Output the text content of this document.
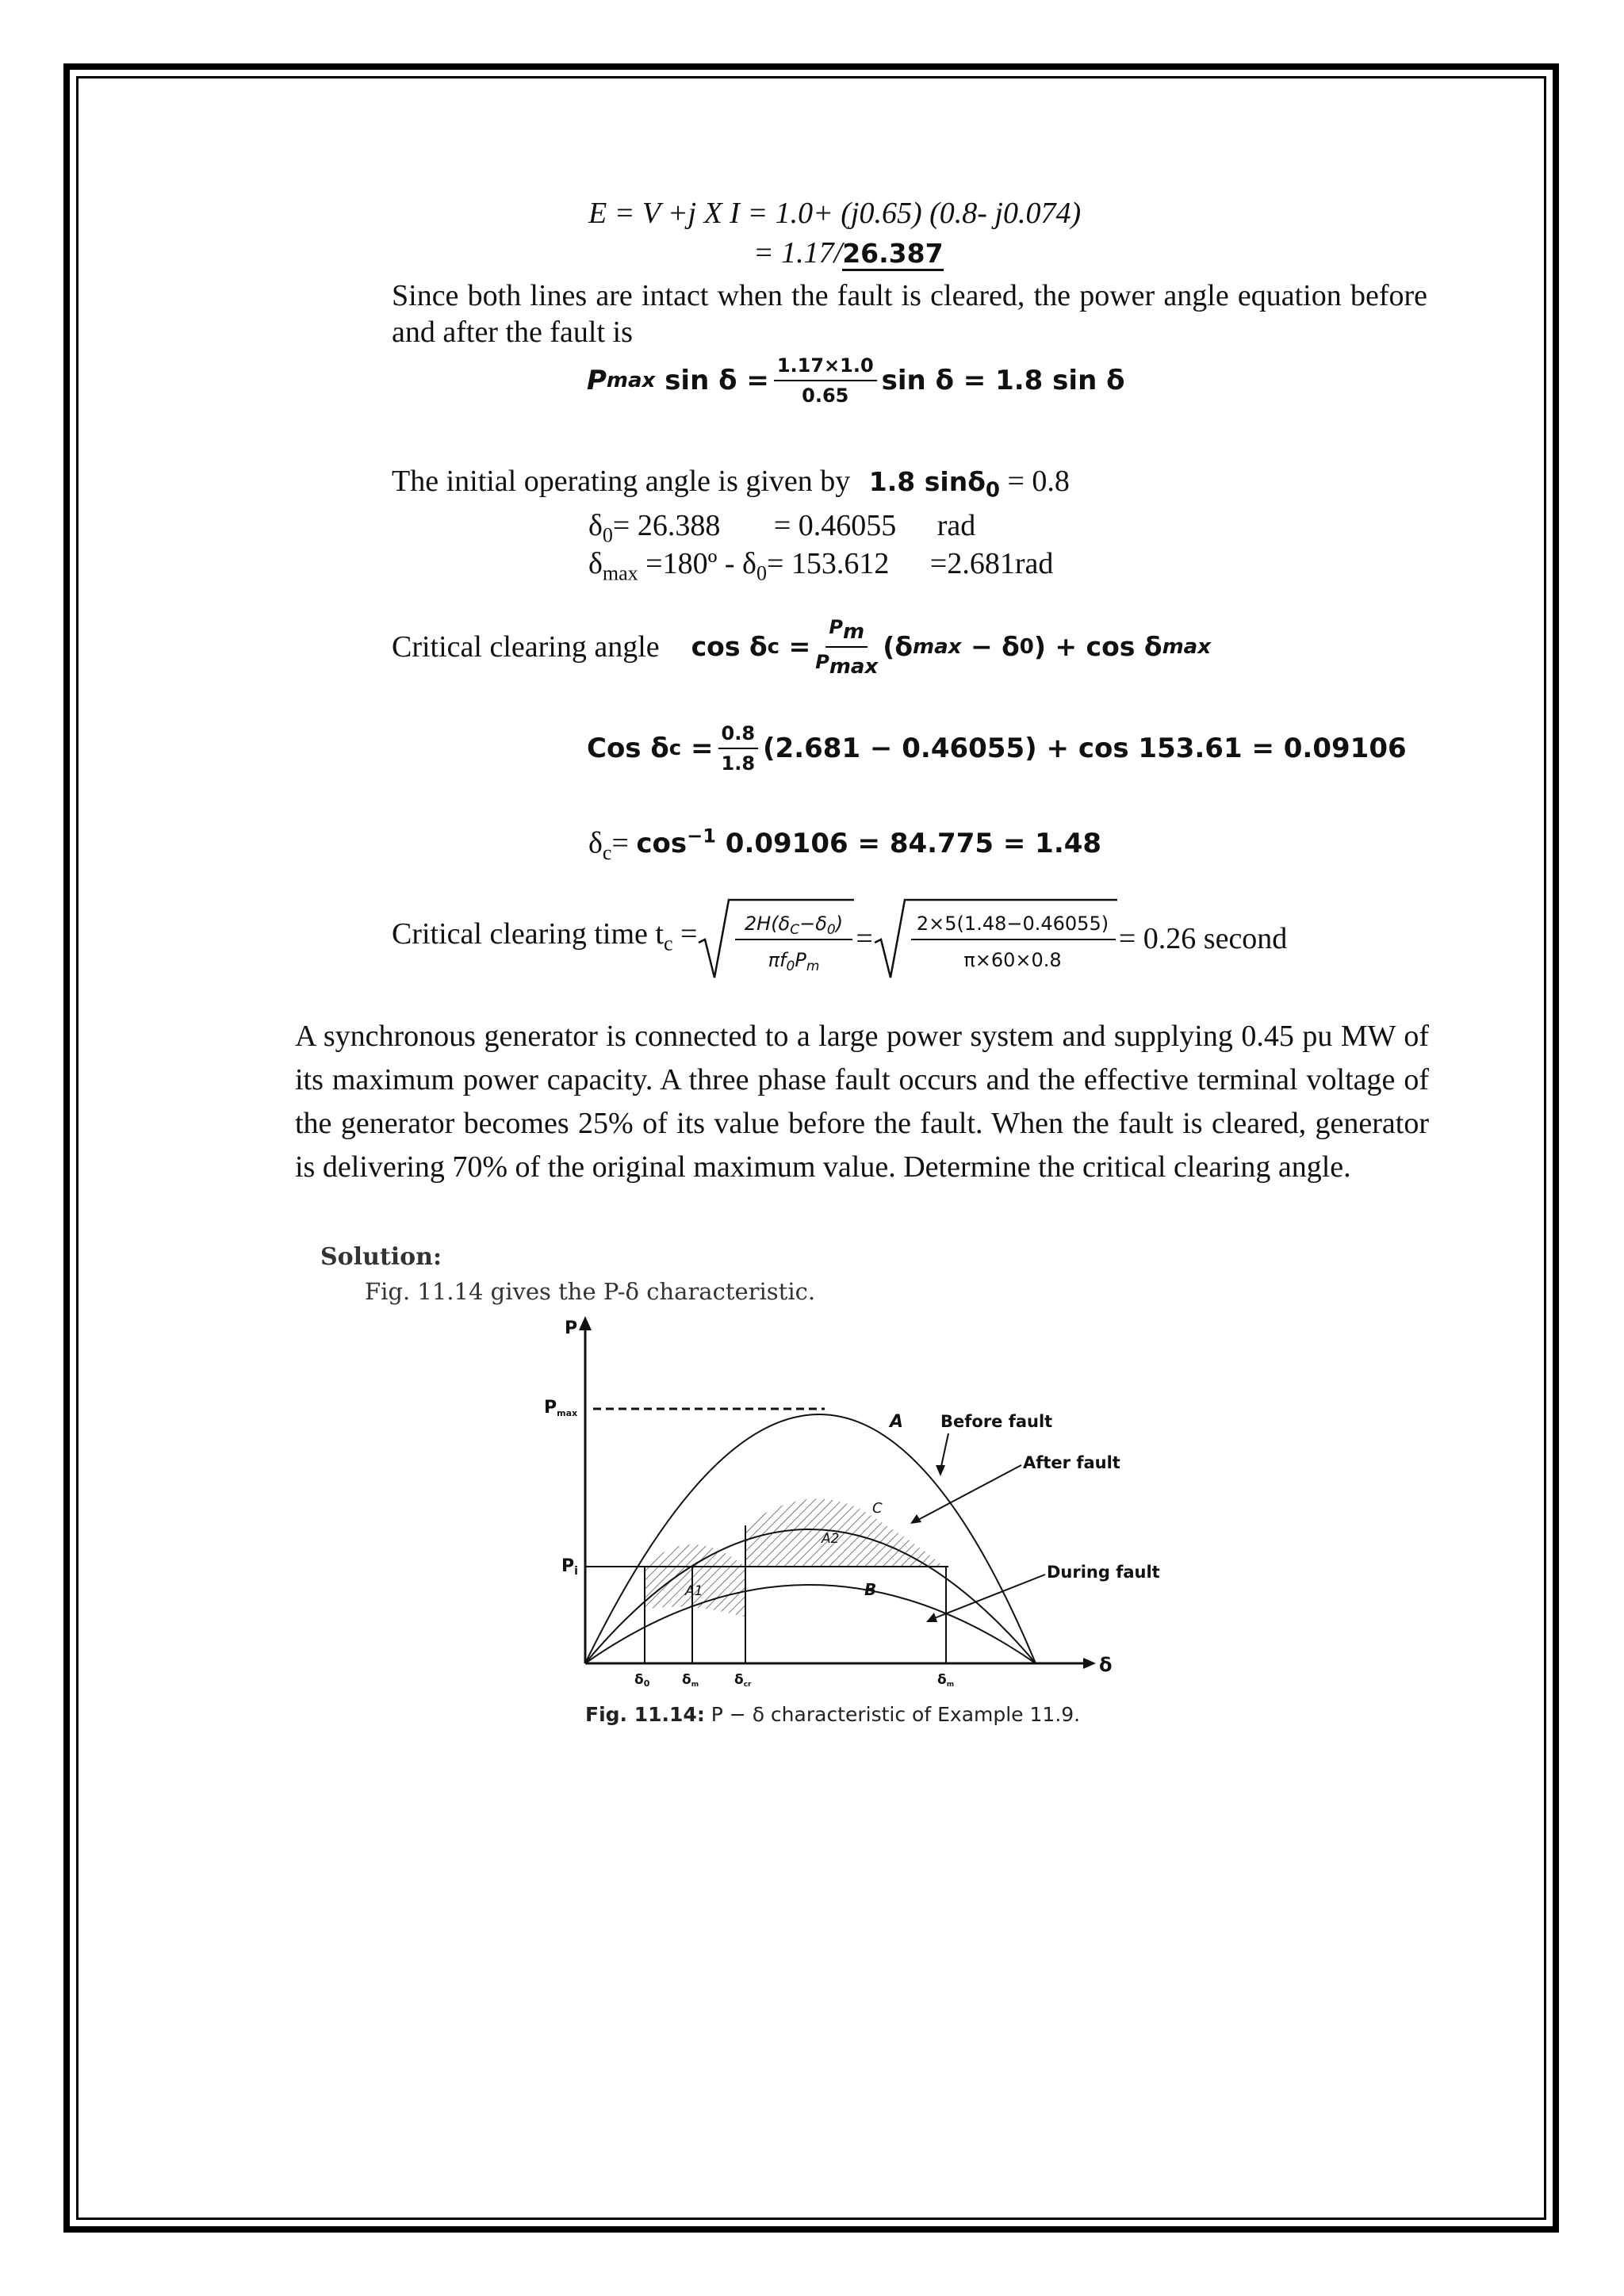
E = V +j X I = 1.0+ (j0.65) (0.8- j0.074)
= 1.17/26.387
Since both lines are intact when the fault is cleared, the power angle equation before and after the fault is
P max
$\sin \delta = \frac{1.17\times 1.0}{0.65}$ sin δ = 1.8 sin δ
The initial operating angle is given by 1.8 sinδ$_0$ = 0.8
$\delta_0= 26.388 = 0.46055$ rad
$\delta_{max}$ =180º - $\delta_0= 153.612 =2.681rad$
Critical clearing angle cos δ $c = \frac{P_m}{P_{max}} (\delta$ max
− δ 0 ) + cos δ max
Cos δ $c = \frac{0.8}{1.8} (2.681 - 0.46055) + \cos 153.61 = 0.09106$
$\delta_c= \cos^{-1} 0.09106 = 84.775 = 1.48$
Critical clearing time $t_c = 2H(\delta_C-\delta_0)$
$\pi f_0P_m$
= 2×5(1.48−0.46055)
π×60×0.8
= 0.26 second
A synchronous generator is connected to a large power system and supplying 0.45 pu MW of its maximum power capacity. A three phase fault occurs and the effective terminal voltage of the generator becomes 25% of its value before the fault. When the fault is cleared, generator is delivering 70% of the original maximum value. Determine the critical clearing angle.
Solution:
Fig. 11.14 gives the P-δ characteristic.
P
δ
Pmax
Pi
A
B
C
A1
A2
Before fault
After fault
During fault
δ0 δm	δcr	δm
Fig. 11.14: P − δ characteristic of Example 11.9.
